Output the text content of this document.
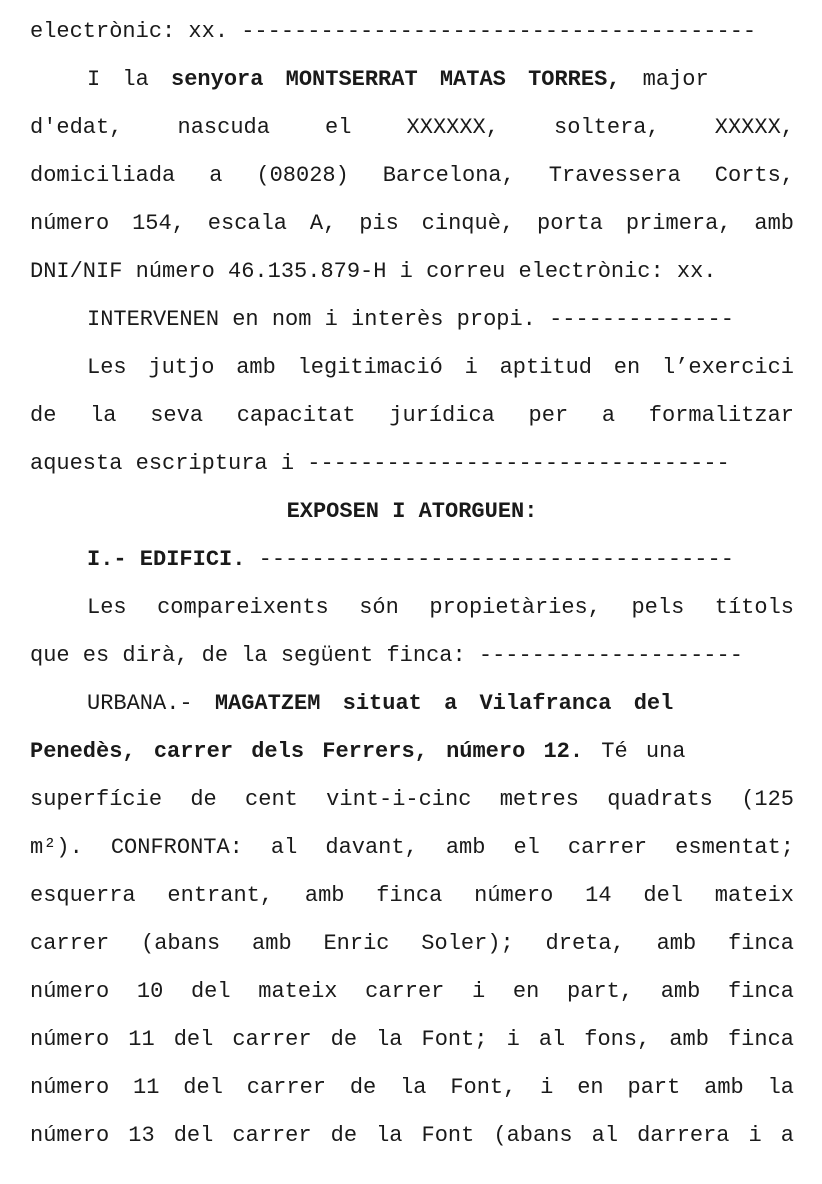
electrònic: xx. ---------------------------------------
I la senyora MONTSERRAT MATAS TORRES, major
d'edat, nascuda el XXXXXX, soltera, XXXXX,
domiciliada a (08028) Barcelona, Travessera Corts,
número 154, escala A, pis cinquè, porta primera, amb
DNI/NIF número 46.135.879-H i correu electrònic: xx.
INTERVENEN en nom i interès propi. --------------
Les jutjo amb legitimació i aptitud en l’exercici
de la seva capacitat jurídica per a formalitzar
aquesta escriptura i --------------------------------
EXPOSEN I ATORGUEN:
I.- EDIFICI. ------------------------------------
Les compareixents són propietàries, pels títols
que es dirà, de la següent finca: --------------------
URBANA.- MAGATZEM situat a Vilafranca del
Penedès, carrer dels Ferrers, número 12. Té una
superfície de cent vint-i-cinc metres quadrats (125
m²). CONFRONTA: al davant, amb el carrer esmentat;
esquerra entrant, amb finca número 14 del mateix
carrer (abans amb Enric Soler); dreta, amb finca
número 10 del mateix carrer i en part, amb finca
número 11 del carrer de la Font; i al fons, amb finca
número 11 del carrer de la Font, i en part amb la
número 13 del carrer de la Font (abans al darrera i a
